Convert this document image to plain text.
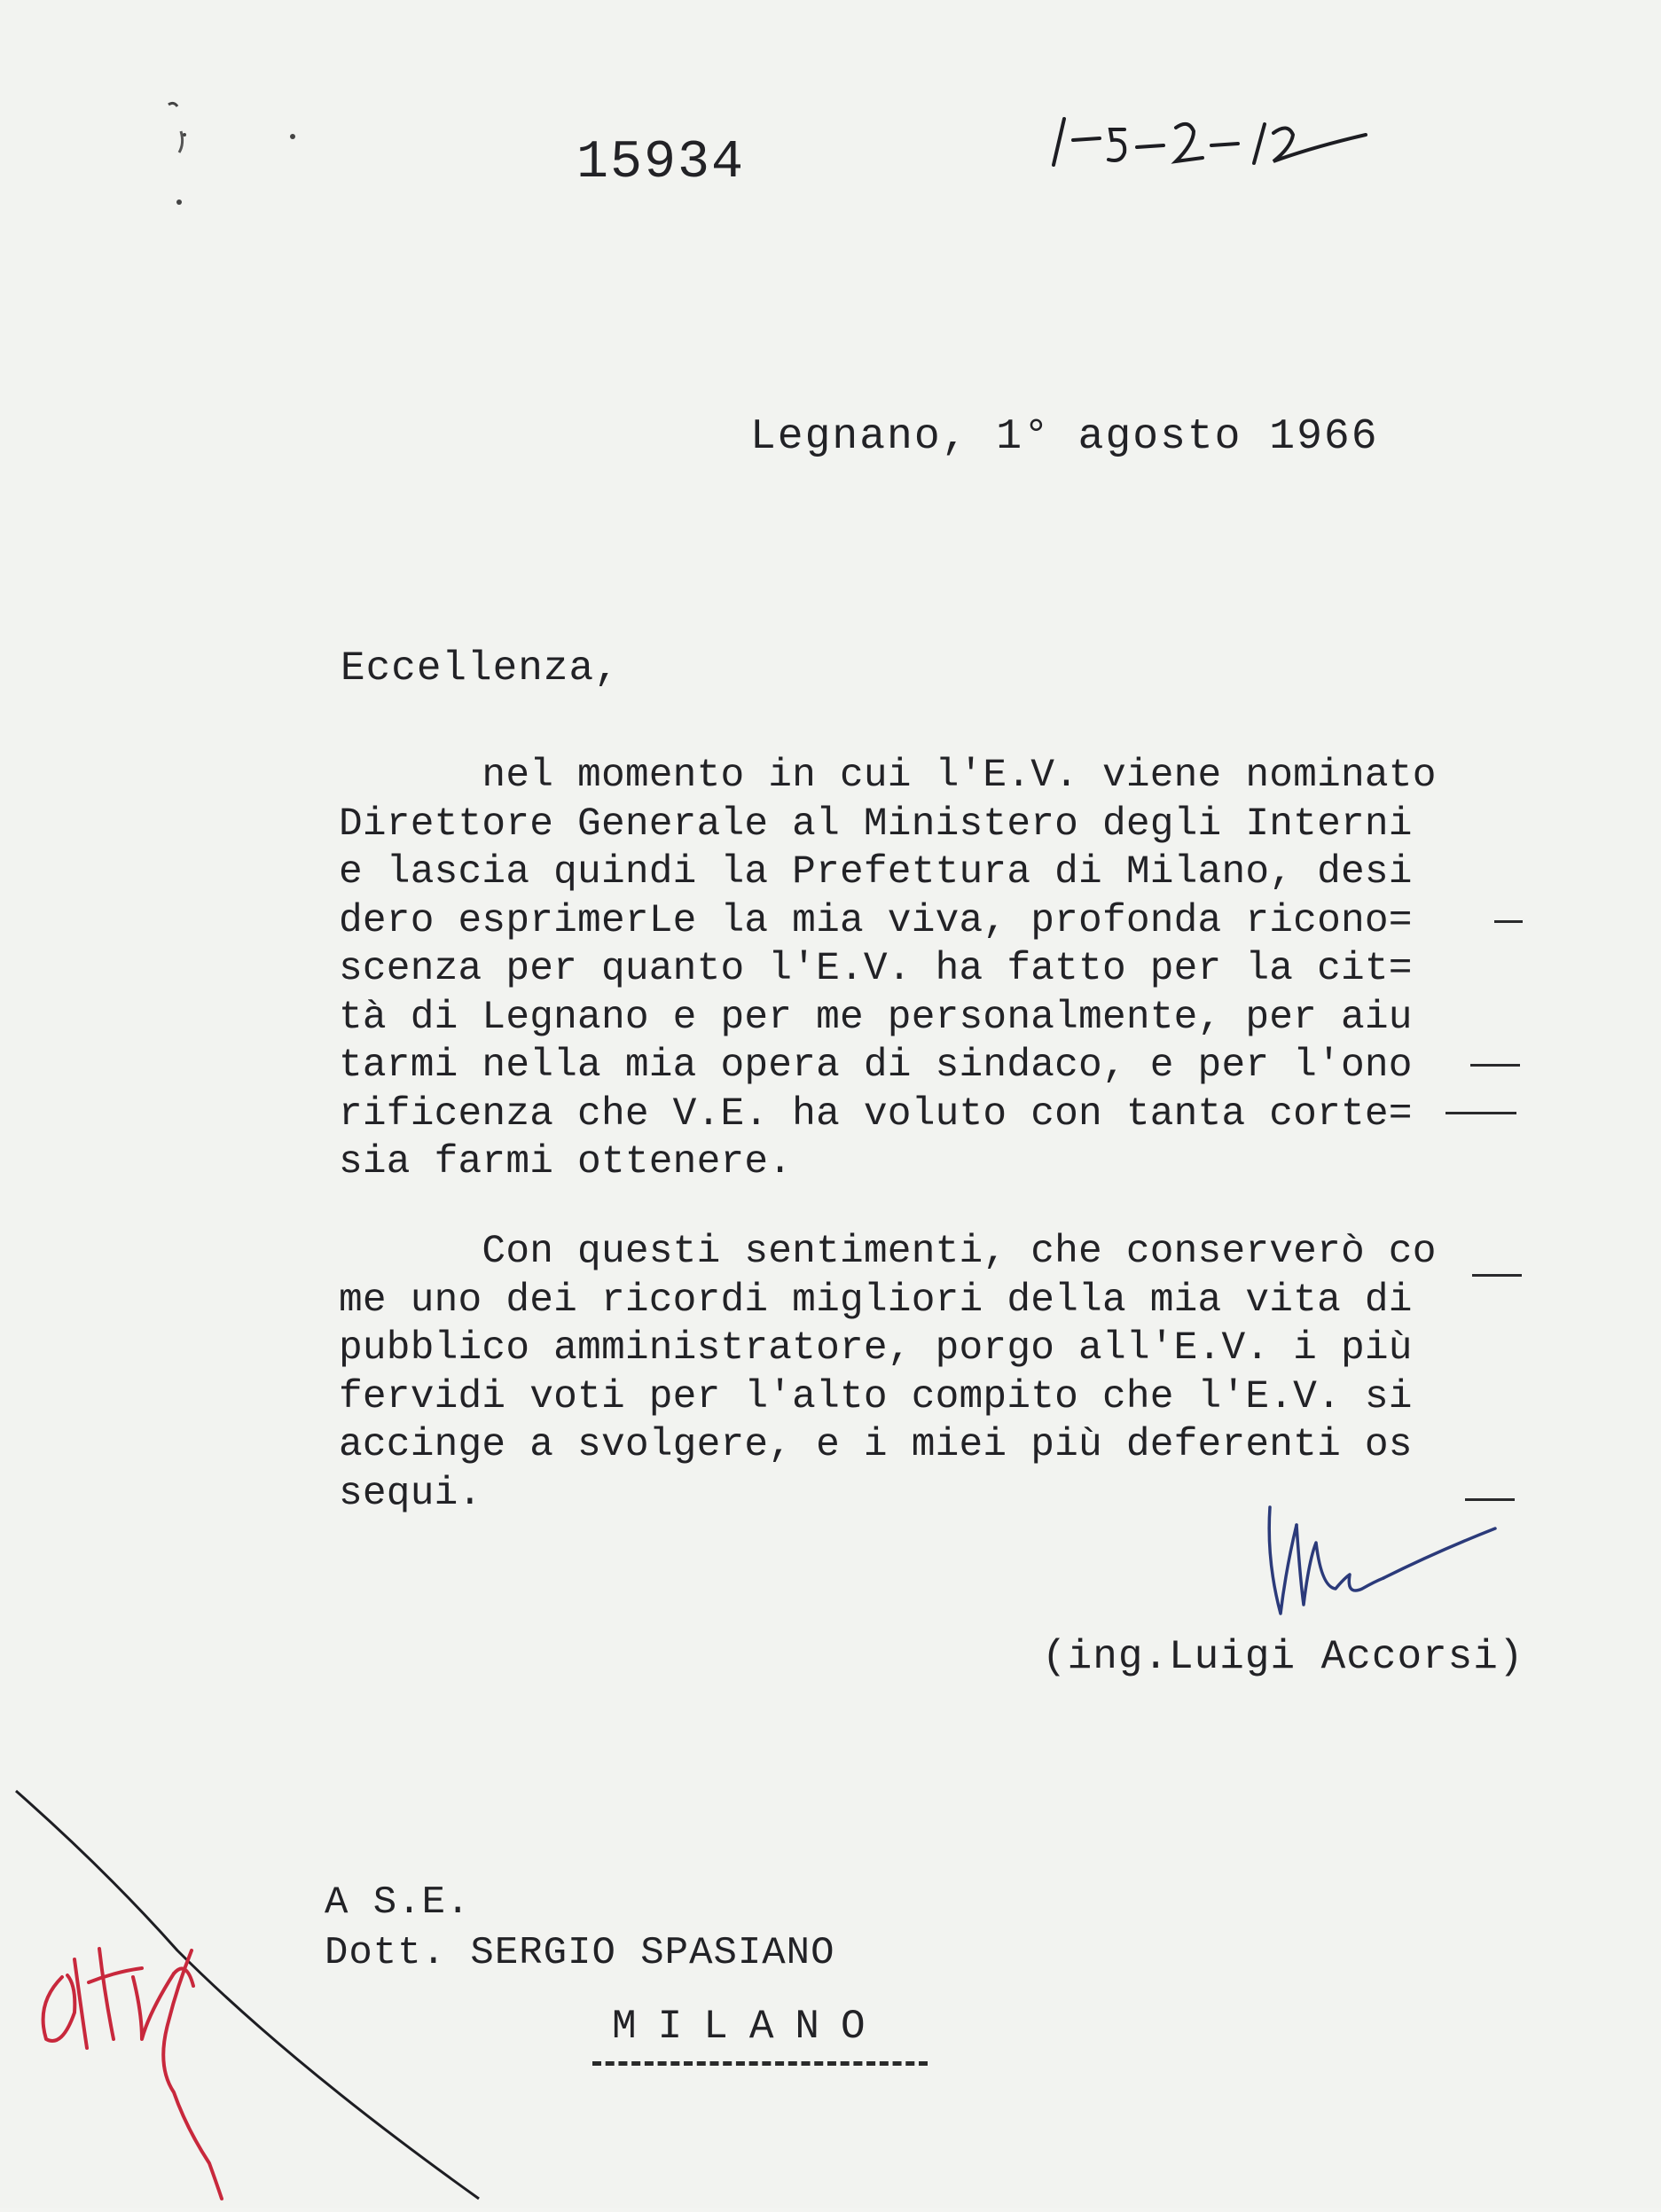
15934
Legnano, 1° agosto 1966
Eccellenza,
nel momento in cui l'E.V. viene nominato
Direttore Generale al Ministero degli Interni
e lascia quindi la Prefettura di Milano, desi
dero esprimerLe la mia viva, profonda ricono=
scenza per quanto l'E.V. ha fatto per la cit=
tà di Legnano e per me personalmente, per aiu
tarmi nella mia opera di sindaco, e per l'ono
rificenza che V.E. ha voluto con tanta corte=
sia farmi ottenere.
Con questi sentimenti, che conserverò co
me uno dei ricordi migliori della mia vita di
pubblico amministratore, porgo all'E.V. i più
fervidi voti per l'alto compito che l'E.V. si
accinge a svolgere, e i miei più deferenti os
sequi.
(ing.Luigi Accorsi)
A S.E.
Dott. SERGIO SPASIANO
MILANO
